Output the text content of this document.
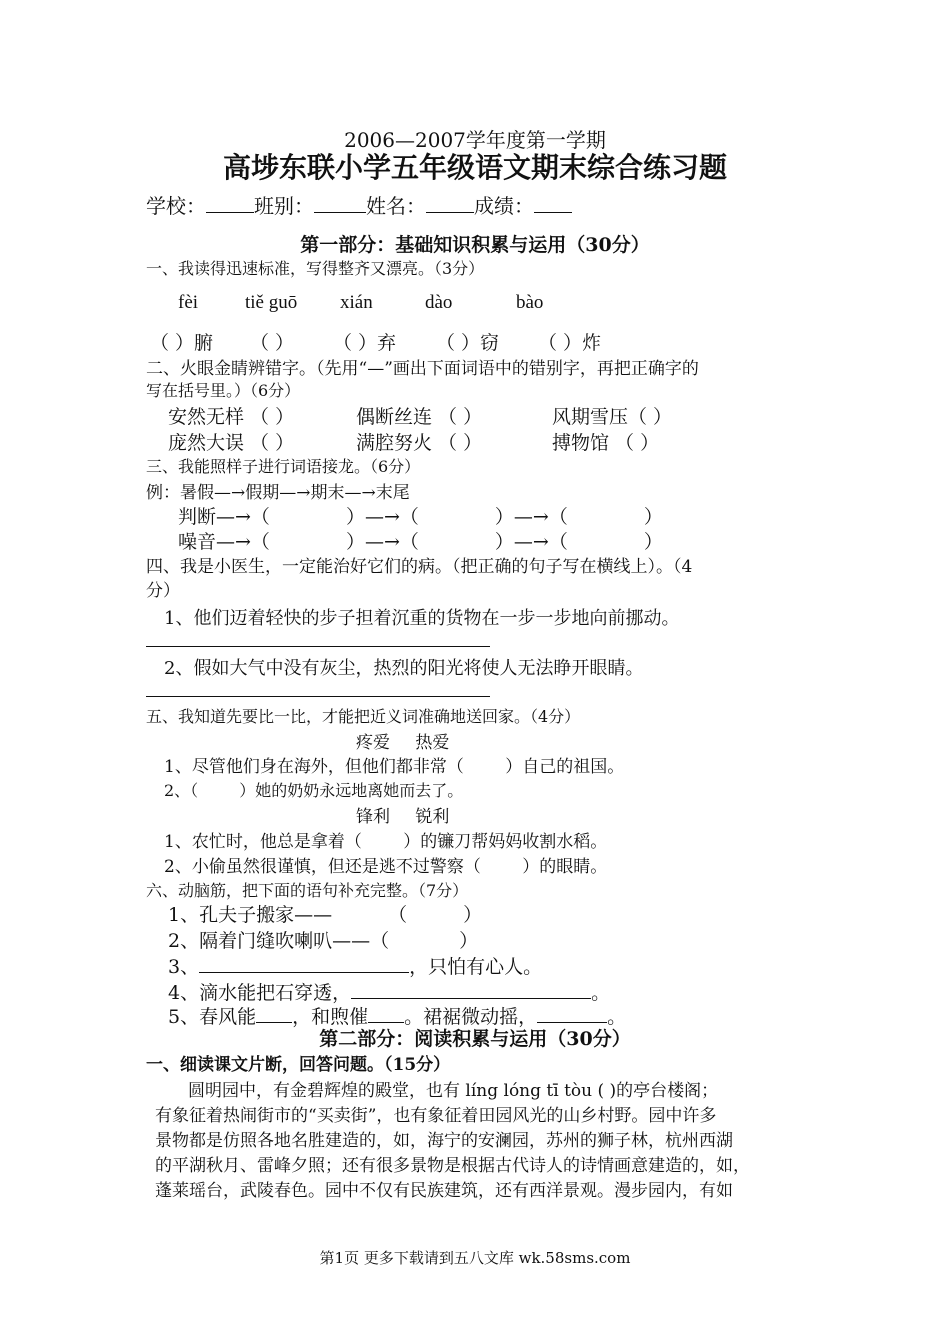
2006—2007学年度第一学期
高埗东联小学五年级语文期末综合练习题
学校： 班别：	姓名： 成绩：
第一部分：基础知识积累与运用（30分）
一、我读得迅速标准，写得整齐又漂亮。（3分）
fèi tiě guō xián	dào	bào
（ ）腑 （ ） （ ）弃 （ ）窃 （ ）炸
二、火眼金睛辨错字。（先用“—”画出下面词语中的错别字，再把正确字的
写在括号里。）（6分）
安然无样 （ ）	偶断丝连 （ ）	风期雪压（ ）
庞然大误 （ ）	满腔努火 （ ）	搏物馆 （ ）
三、我能照样子进行词语接龙。（6分）
例：暑假—→假期—→期末—→末尾
判断—→（ ）—→（ ）—→（ ）
噪音—→（ ）—→（ ）—→（ ）
四、我是小医生，一定能治好它们的病。（把正确的句子写在横线上）。（4
分）
1、他们迈着轻快的步子担着沉重的货物在一步一步地向前挪动。
2、假如大气中没有灰尘，热烈的阳光将使人无法睁开眼睛。
五、我知道先要比一比，才能把近义词准确地送回家。（4分）
疼爱 热爱
1、尽管他们身在海外，但他们都非常（ ）自己的祖国。
2、（ ）她的奶奶永远地离她而去了。
锋利 锐利
1、农忙时，他总是拿着（ ）的镰刀帮妈妈收割水稻。
2、小偷虽然很谨慎，但还是逃不过警察（ ）的眼睛。
六、动脑筋，把下面的语句补充完整。（7分）
1、孔夫子搬家—— （ ）
2、隔着门缝吹喇叭——（ ）
3、	，只怕有心人。
4、滴水能把石穿透，	。
5、春风能 ，和煦催 。裙裾微动摇，	。
第二部分：阅读积累与运用（30分）
一、细读课文片断，回答问题。（15分）
圆明园中，有金碧辉煌的殿堂，也有 líng lóng tī tòu ( )的亭台楼阁；
有象征着热闹街市的“买卖街”，也有象征着田园风光的山乡村野。园中许多
景物都是仿照各地名胜建造的，如，海宁的安澜园，苏州的狮子林，杭州西湖
的平湖秋月、雷峰夕照；还有很多景物是根据古代诗人的诗情画意建造的，如，
蓬莱瑶台，武陵春色。园中不仅有民族建筑，还有西洋景观。漫步园内，有如
第1页 更多下载请到五八文库 wk.58sms.com
